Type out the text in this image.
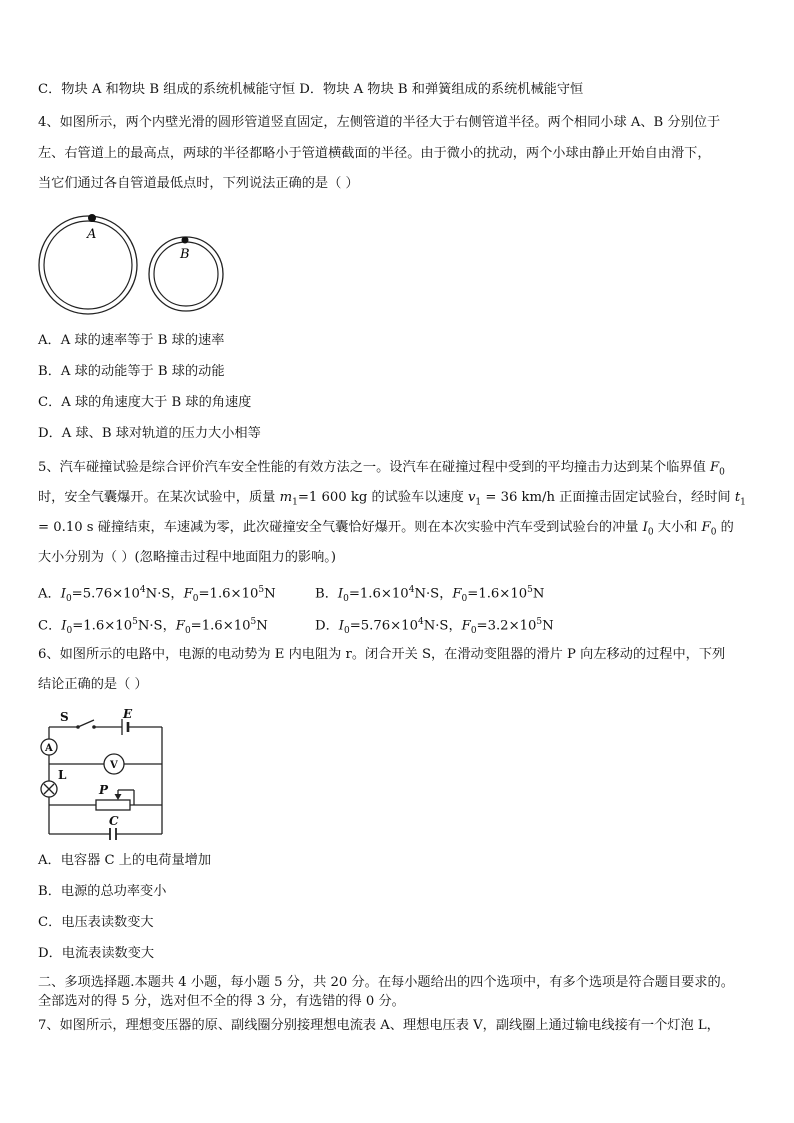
C．物块 A 和物块 B 组成的系统机械能守恒 D．物块 A 物块 B 和弹簧组成的系统机械能守恒
4、如图所示，两个内壁光滑的圆形管道竖直固定，左侧管道的半径大于右侧管道半径。两个相同小球 A、B 分别位于
左、右管道上的最高点，两球的半径都略小于管道横截面的半径。由于微小的扰动，两个小球由静止开始自由滑下，
当它们通过各自管道最低点时，下列说法正确的是（ ）
A
B
A．A 球的速率等于 B 球的速率
B．A 球的动能等于 B 球的动能
C．A 球的角速度大于 B 球的角速度
D．A 球、B 球对轨道的压力大小相等
5、汽车碰撞试验是综合评价汽车安全性能的有效方法之一。设汽车在碰撞过程中受到的平均撞击力达到某个临界值 $F_0$
时，安全气囊爆开。在某次试验中，质量 $m_1=1$ 600 kg 的试验车以速度 $v_1 = 36$ km/h 正面撞击固定试验台，经时间 $t_1$
= 0.10 s 碰撞结束，车速减为零，此次碰撞安全气囊恰好爆开。则在本次实验中汽车受到试验台的冲量 $I_0$ 大小和 $F_0$ 的
大小分别为（ ）(忽略撞击过程中地面阻力的影响。)
A．$I_0=5.76\times 10^4N\cdot S$，$F_0=1.6\times 10^5N$	B．$I_0=1.6\times 10^4N\cdot S$，$F_0=1.6\times 10^5N$
C．$I_0=1.6\times 10^5N\cdot S$，$F_0=1.6\times 10^5N$	D．$I_0=5.76\times 10^4N\cdot S$，$F_0=3.2\times 10^5N$
6、如图所示的电路中，电源的电动势为 E 内电阻为 r。闭合开关 S，在滑动变阻器的滑片 P 向左移动的过程中，下列
结论正确的是（ ）
S	E
A
V
L
P
C
A．电容器 C 上的电荷量增加
B．电源的总功率变小
C．电压表读数变大
D．电流表读数变大
二、多项选择题.本题共 4 小题，每小题 5 分，共 20 分。在每小题给出的四个选项中，有多个选项是符合题目要求的。
全部选对的得 5 分，选对但不全的得 3 分，有选错的得 0 分。
7、如图所示，理想变压器的原、副线圈分别接理想电流表 A、理想电压表 V，副线圈上通过输电线接有一个灯泡 L，
